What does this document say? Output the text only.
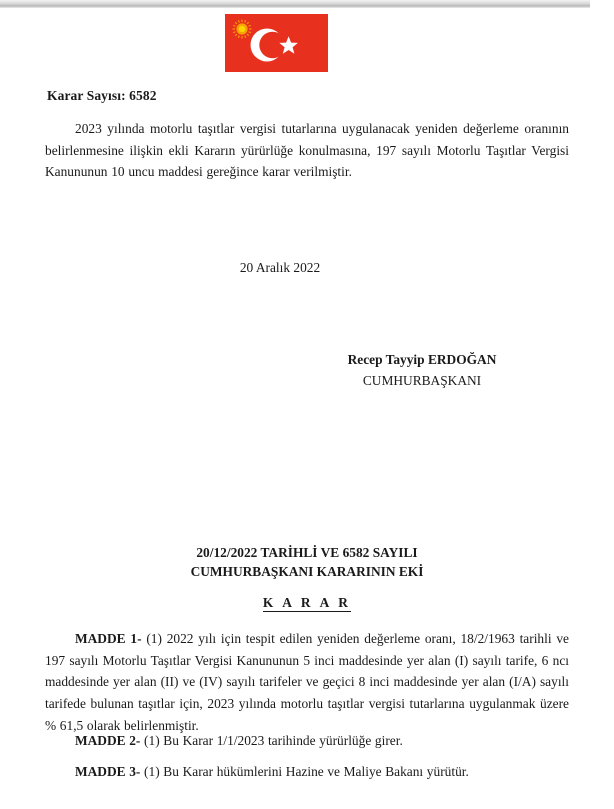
Karar Sayısı: 6582
2023 yılında motorlu taşıtlar vergisi tutarlarına uygulanacak yeniden değerleme oranının belirlenmesine ilişkin ekli Kararın yürürlüğe konulmasına, 197 sayılı Motorlu Taşıtlar Vergisi Kanununun 10 uncu maddesi gereğince karar verilmiştir.
20 Aralık 2022
Recep Tayyip ERDOĞAN
CUMHURBAŞKANI
20/12/2022 TARİHLİ VE 6582 SAYILI
CUMHURBAŞKANI KARARININ EKİ
K A R A R
MADDE 1- (1) 2022 yılı için tespit edilen yeniden değerleme oranı, 18/2/1963 tarihli ve 197 sayılı Motorlu Taşıtlar Vergisi Kanununun 5 inci maddesinde yer alan (I) sayılı tarife, 6 ncı maddesinde yer alan (II) ve (IV) sayılı tarifeler ve geçici 8 inci maddesinde yer alan (I/A) sayılı tarifede bulunan taşıtlar için, 2023 yılında motorlu taşıtlar vergisi tutarlarına uygulanmak üzere % 61,5 olarak belirlenmiştir.
MADDE 2- (1) Bu Karar 1/1/2023 tarihinde yürürlüğe girer.
MADDE 3- (1) Bu Karar hükümlerini Hazine ve Maliye Bakanı yürütür.
